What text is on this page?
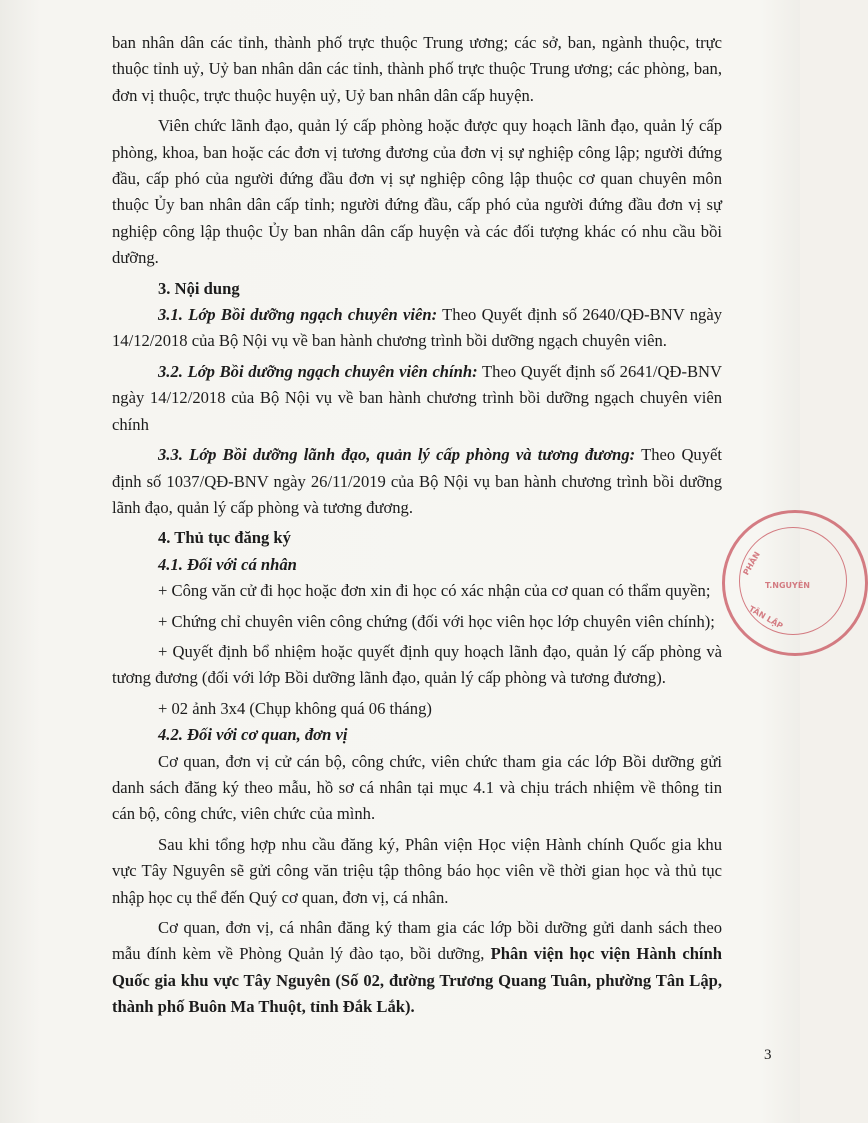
PHÂN
T.NGUYÊN
TÂN LẬP

ban nhân dân các tỉnh, thành phố trực thuộc Trung ương; các sở, ban, ngành thuộc, trực thuộc tỉnh uỷ, Uỷ ban nhân dân các tỉnh, thành phố trực thuộc Trung ương; các phòng, ban, đơn vị thuộc, trực thuộc huyện uỷ, Uỷ ban nhân dân cấp huyện.

Viên chức lãnh đạo, quản lý cấp phòng hoặc được quy hoạch lãnh đạo, quản lý cấp phòng, khoa, ban hoặc các đơn vị tương đương của đơn vị sự nghiệp công lập; người đứng đầu, cấp phó của người đứng đầu đơn vị sự nghiệp công lập thuộc cơ quan chuyên môn thuộc Ủy ban nhân dân cấp tỉnh; người đứng đầu, cấp phó của người đứng đầu đơn vị sự nghiệp công lập thuộc Ủy ban nhân dân cấp huyện và các đối tượng khác có nhu cầu bồi dưỡng.

3. Nội dung

3.1. Lớp Bồi dưỡng ngạch chuyên viên: Theo Quyết định số 2640/QĐ-BNV ngày 14/12/2018 của Bộ Nội vụ về ban hành chương trình bồi dưỡng ngạch chuyên viên.

3.2. Lớp Bồi dưỡng ngạch chuyên viên chính: Theo Quyết định số 2641/QĐ-BNV ngày 14/12/2018 của Bộ Nội vụ về ban hành chương trình bồi dưỡng ngạch chuyên viên chính

3.3. Lớp Bồi dưỡng lãnh đạo, quản lý cấp phòng và tương đương: Theo Quyết định số 1037/QĐ-BNV ngày 26/11/2019 của Bộ Nội vụ ban hành chương trình bồi dưỡng lãnh đạo, quản lý cấp phòng và tương đương.

4. Thủ tục đăng ký

4.1. Đối với cá nhân

+ Công văn cử đi học hoặc đơn xin đi học có xác nhận của cơ quan có thẩm quyền;

+ Chứng chỉ chuyên viên công chứng (đối với học viên học lớp chuyên viên chính);

+ Quyết định bổ nhiệm hoặc quyết định quy hoạch lãnh đạo, quản lý cấp phòng và tương đương (đối với lớp Bồi dưỡng lãnh đạo, quản lý cấp phòng và tương đương).

+ 02 ảnh 3x4 (Chụp không quá 06 tháng)

4.2. Đối với cơ quan, đơn vị

Cơ quan, đơn vị cử cán bộ, công chức, viên chức tham gia các lớp Bồi dưỡng gửi danh sách đăng ký theo mẫu, hồ sơ cá nhân tại mục 4.1 và chịu trách nhiệm về thông tin cán bộ, công chức, viên chức của mình.

Sau khi tổng hợp nhu cầu đăng ký, Phân viện Học viện Hành chính Quốc gia khu vực Tây Nguyên sẽ gửi công văn triệu tập thông báo học viên về thời gian học và thủ tục nhập học cụ thể đến Quý cơ quan, đơn vị, cá nhân.

Cơ quan, đơn vị, cá nhân đăng ký tham gia các lớp bồi dưỡng gửi danh sách theo mẫu đính kèm về Phòng Quản lý đào tạo, bồi dưỡng, Phân viện học viện Hành chính Quốc gia khu vực Tây Nguyên (Số 02, đường Trương Quang Tuân, phường Tân Lập, thành phố Buôn Ma Thuột, tỉnh Đắk Lắk).

3
